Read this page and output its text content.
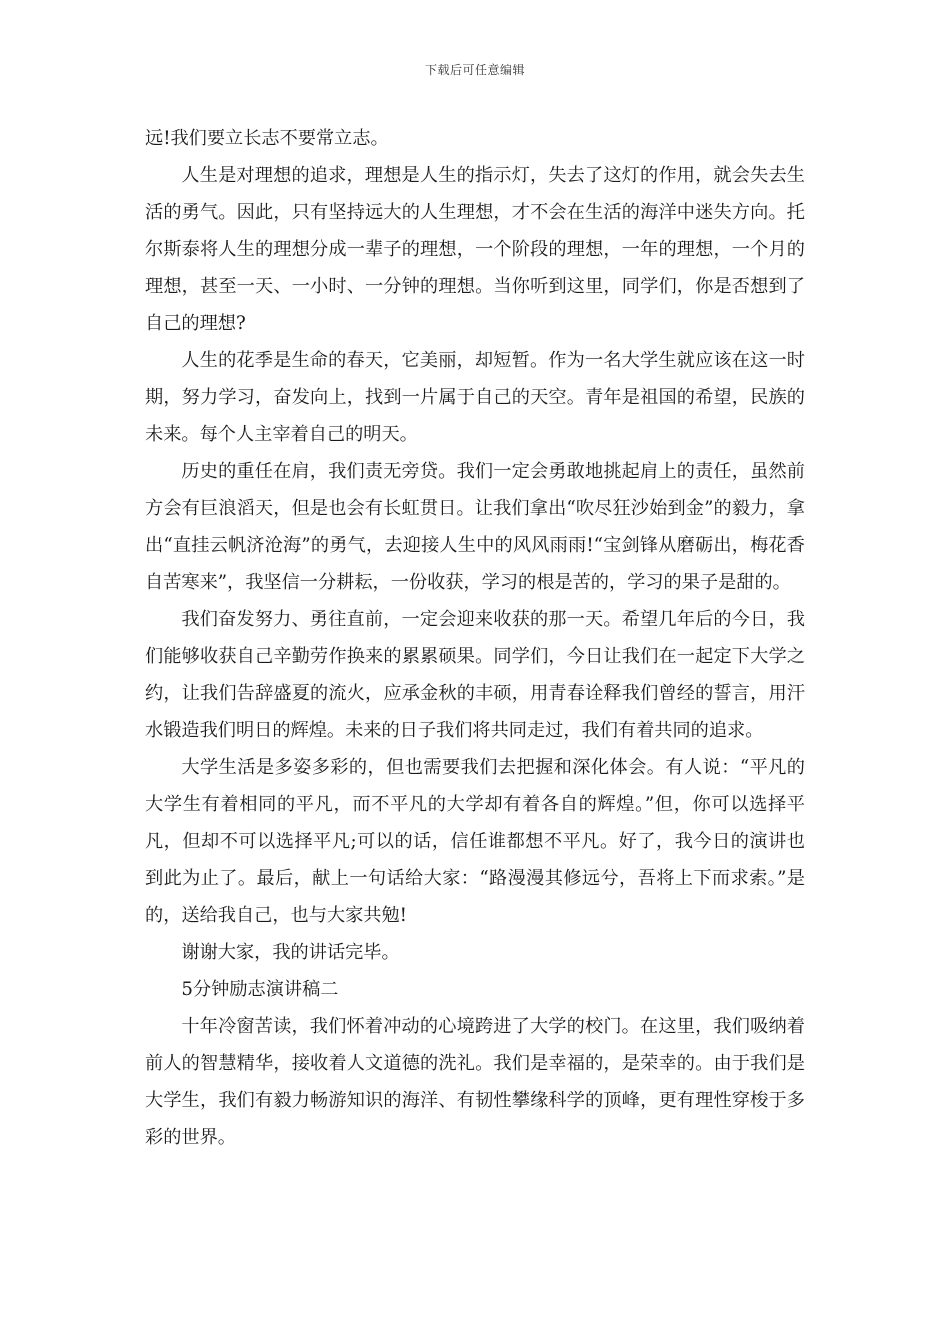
下载后可任意编辑

远!我们要立长志不要常立志。

人生是对理想的追求，理想是人生的指示灯，失去了这灯的作用，就会失去生活的勇气。因此，只有坚持远大的人生理想，才不会在生活的海洋中迷失方向。托尔斯泰将人生的理想分成一辈子的理想，一个阶段的理想，一年的理想，一个月的理想，甚至一天、一小时、一分钟的理想。当你听到这里，同学们，你是否想到了自己的理想?

人生的花季是生命的春天，它美丽，却短暂。作为一名大学生就应该在这一时期，努力学习，奋发向上，找到一片属于自己的天空。青年是祖国的希望，民族的未来。每个人主宰着自己的明天。

历史的重任在肩，我们责无旁贷。我们一定会勇敢地挑起肩上的责任，虽然前方会有巨浪滔天，但是也会有长虹贯日。让我们拿出“吹尽狂沙始到金”的毅力，拿出“直挂云帆济沧海”的勇气，去迎接人生中的风风雨雨!“宝剑锋从磨砺出，梅花香自苦寒来”，我坚信一分耕耘，一份收获，学习的根是苦的，学习的果子是甜的。

我们奋发努力、勇往直前，一定会迎来收获的那一天。希望几年后的今日，我们能够收获自己辛勤劳作换来的累累硕果。同学们，今日让我们在一起定下大学之约，让我们告辞盛夏的流火，应承金秋的丰硕，用青春诠释我们曾经的誓言，用汗水锻造我们明日的辉煌。未来的日子我们将共同走过，我们有着共同的追求。

大学生活是多姿多彩的，但也需要我们去把握和深化体会。有人说：“平凡的大学生有着相同的平凡，而不平凡的大学却有着各自的辉煌。”但，你可以选择平凡，但却不可以选择平凡;可以的话，信任谁都想不平凡。好了，我今日的演讲也到此为止了。最后，献上一句话给大家：“路漫漫其修远兮，吾将上下而求索。”是的，送给我自己，也与大家共勉!

谢谢大家，我的讲话完毕。

5分钟励志演讲稿二

十年冷窗苦读，我们怀着冲动的心境跨进了大学的校门。在这里，我们吸纳着前人的智慧精华，接收着人文道德的洗礼。我们是幸福的，是荣幸的。由于我们是大学生，我们有毅力畅游知识的海洋、有韧性攀缘科学的顶峰，更有理性穿梭于多彩的世界。
